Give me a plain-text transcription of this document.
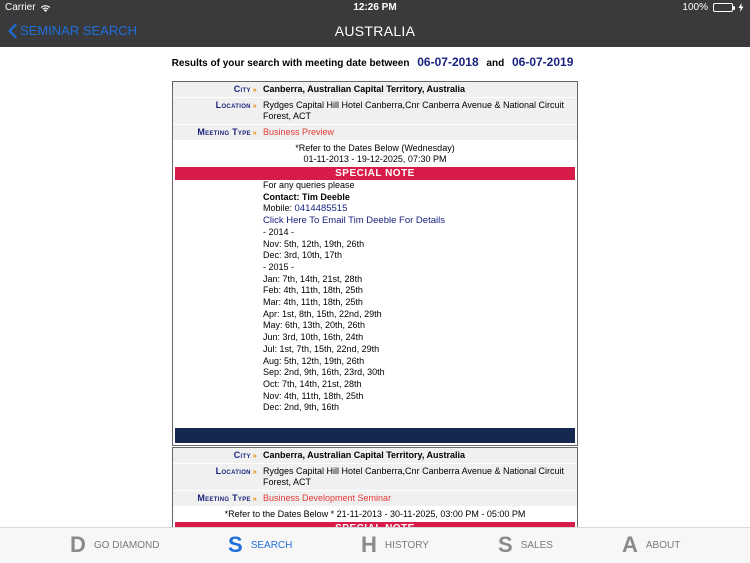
Carrier	12:26 PM	100%
SEMINAR SEARCH	AUSTRALIA
Results of your search with meeting date between 06-07-2018 and 06-07-2019
City » Canberra, Australian Capital Territory, Australia
Location » Rydges Capital Hill Hotel Canberra,Cnr Canberra Avenue & National Circuit Forest, ACT
Meeting Type » Business Preview
*Refer to the Dates Below (Wednesday)
01-11-2013 - 19-12-2025, 07:30 PM
SPECIAL NOTE
For any queries please
Contact: Tim Deeble
Mobile: 0414485515
Click Here To Email Tim Deeble For Details
- 2014 -
Nov: 5th, 12th, 19th, 26th
Dec: 3rd, 10th, 17th
- 2015 -
Jan: 7th, 14th, 21st, 28th
Feb: 4th, 11th, 18th, 25th
Mar: 4th, 11th, 18th, 25th
Apr: 1st, 8th, 15th, 22nd, 29th
May: 6th, 13th, 20th, 26th
Jun: 3rd, 10th, 16th, 24th
Jul: 1st, 7th, 15th, 22nd, 29th
Aug: 5th, 12th, 19th, 26th
Sep: 2nd, 9th, 16th, 23rd, 30th
Oct: 7th, 14th, 21st, 28th
Nov: 4th, 11th, 18th, 25th
Dec: 2nd, 9th, 16th
City » Canberra, Australian Capital Territory, Australia
Location » Rydges Capital Hill Hotel Canberra,Cnr Canberra Avenue & National Circuit Forest, ACT
Meeting Type » Business Development Seminar
*Refer to the Dates Below * 21-11-2013 - 30-11-2025, 03:00 PM - 05:00 PM
D GO DIAMOND	S SEARCH	H HISTORY	S SALES	A ABOUT
